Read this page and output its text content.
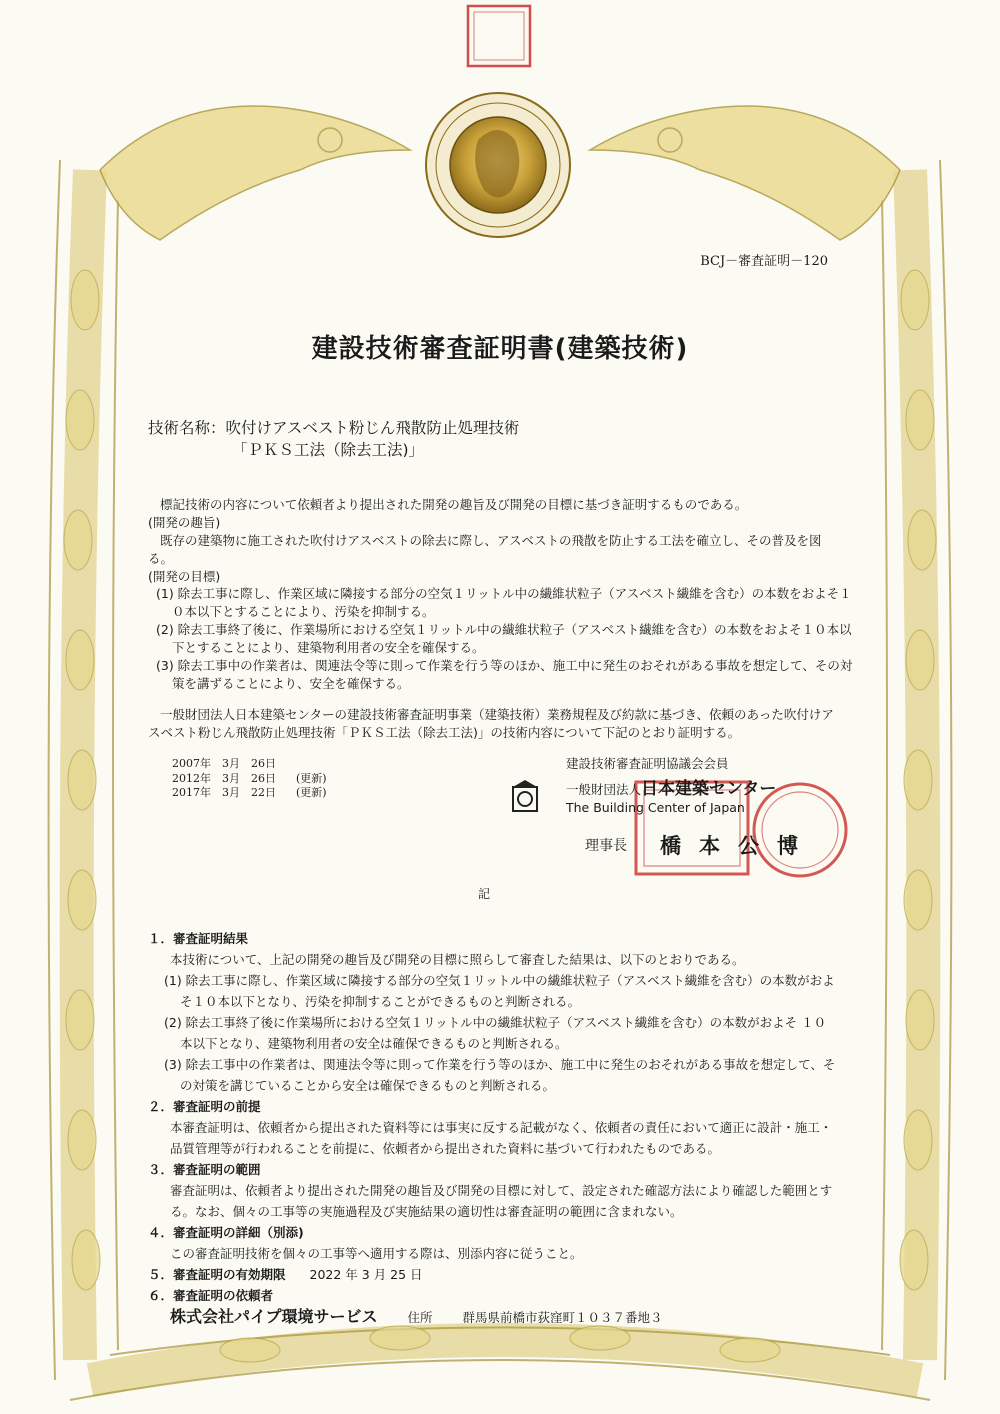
BCJ－審査証明－120
建設技術審査証明書(建築技術)
技術名称：吹付けアスベスト粉じん飛散防止処理技術
「ＰＫＳ工法（除去工法)」

標記技術の内容について依頼者より提出された開発の趣旨及び開発の目標に基づき証明するものである。

(開発の趣旨)

既存の建築物に施工された吹付けアスベストの除去に際し、アスベストの飛散を防止する工法を確立し、その普及を図る。

(開発の目標)

(1) 除去工事に際し、作業区域に隣接する部分の空気１リットル中の繊維状粒子（アスベスト繊維を含む）の本数をおよそ１０本以下とすることにより、汚染を抑制する。

(2) 除去工事終了後に、作業場所における空気１リットル中の繊維状粒子（アスベスト繊維を含む）の本数をおよそ１０本以下とすることにより、建築物利用者の安全を確保する。

(3) 除去工事中の作業者は、関連法令等に則って作業を行う等のほか、施工中に発生のおそれがある事故を想定して、その対策を講ずることにより、安全を確保する。

一般財団法人日本建築センターの建設技術審査証明事業（建築技術）業務規程及び約款に基づき、依頼のあった吹付けアスベスト粉じん飛散防止処理技術「ＰＫＳ工法（除去工法)」の技術内容について下記のとおり証明する。

2007年　3月　26日
2012年　3月　26日	(更新)
2017年　3月　22日	(更新)
建設技術審査証明協議会会員
一般財団法人日本建築センター
The Building Center of Japan
理事長 橋本公博
記
１．審査証明結果
本技術について、上記の開発の趣旨及び開発の目標に照らして審査した結果は、以下のとおりである。
(1) 除去工事に際し、作業区域に隣接する部分の空気１リットル中の繊維状粒子（アスベスト繊維を含む）の本数がおよそ１０本以下となり、汚染を抑制することができるものと判断される。
(2) 除去工事終了後に作業場所における空気１リットル中の繊維状粒子（アスベスト繊維を含む）の本数がおよそ １０本以下となり、建築物利用者の安全は確保できるものと判断される。
(3) 除去工事中の作業者は、関連法令等に則って作業を行う等のほか、施工中に発生のおそれがある事故を想定して、その対策を講じていることから安全は確保できるものと判断される。
２．審査証明の前提
本審査証明は、依頼者から提出された資料等には事実に反する記載がなく、依頼者の責任において適正に設計・施工・品質管理等が行われることを前提に、依頼者から提出された資料に基づいて行われたものである。
３．審査証明の範囲
審査証明は、依頼者より提出された開発の趣旨及び開発の目標に対して、設定された確認方法により確認した範囲とする。なお、個々の工事等の実施過程及び実施結果の適切性は審査証明の範囲に含まれない。
４．審査証明の詳細（別添)
この審査証明技術を個々の工事等へ適用する際は、別添内容に従うこと。
５．審査証明の有効期限	2022 年 3 月 25 日
６．審査証明の依頼者
株式会社パイプ環境サービス 住所 群馬県前橋市荻窪町１０３７番地３
